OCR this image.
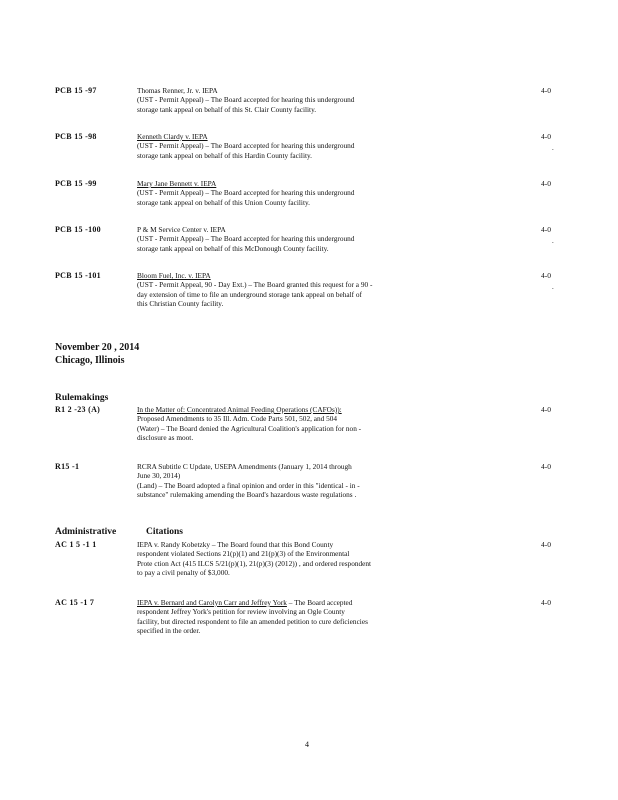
PCB 15 -97	Thomas Renner, Jr. v. IEPA
(UST - Permit Appeal) – The Board accepted for hearing this underground
storage tank appeal on behalf of this St. Clair County facility.
4-0
PCB 15 -98	Kenneth Clardy v. IEPA
(UST - Permit Appeal) – The Board accepted for hearing this underground
storage tank appeal on behalf of this Hardin County facility.
4-0
.
PCB 15 -99	Mary Jane Bennett v. IEPA
(UST - Permit Appeal) – The Board accepted for hearing this underground
storage tank appeal on behalf of this Union County facility.
4-0
PCB 15 -100	P & M Service Center v. IEPA
(UST - Permit Appeal) – The Board accepted for hearing this underground
storage tank appeal on behalf of this McDonough County facility.
4-0
.
PCB 15 -101	Bloom Fuel, Inc. v. IEPA
(UST - Permit Appeal, 90 - Day Ext.) – The Board granted this request for a 90 -
day extension of time to file an underground storage tank appeal on behalf of
this Christian County facility.
4-0
.
November 20 , 2014
Chicago, Illinois
Rulemakings
R1 2 -23 (A)	In the Matter of: Concentrated Animal Feeding Operations (CAFOs)):
Proposed Amendments to 35 Ill. Adm. Code Parts 501, 502, and 504
(Water) – The Board denied the Agricultural Coalition's application for non -
disclosure as moot.
4-0
R15 -1	RCRA Subtitle C Update, USEPA Amendments (January 1, 2014 through
June 30, 2014)
(Land) – The Board adopted a final opinion and order in this "identical - in -
substance" rulemaking amending the Board's hazardous waste regulations .
4-0
Administrative	Citations
AC 1 5 -1 1	IEPA v. Randy Kobetzky – The Board found that this Bond County
respondent violated Sections 21(p)(1) and 21(p)(3) of the Environmental
Prote ction Act (415 ILCS 5/21(p)(1), 21(p)(3) (2012)) , and ordered respondent
to pay a civil penalty of $3,000.
4-0
AC 15 -1 7	IEPA v. Bernard and Carolyn Carr and Jeffrey York – The Board accepted
respondent Jeffrey York's petition for review involving an Ogle County
facility, but directed respondent to file an amended petition to cure deficiencies
specified in the order.
4-0
4
